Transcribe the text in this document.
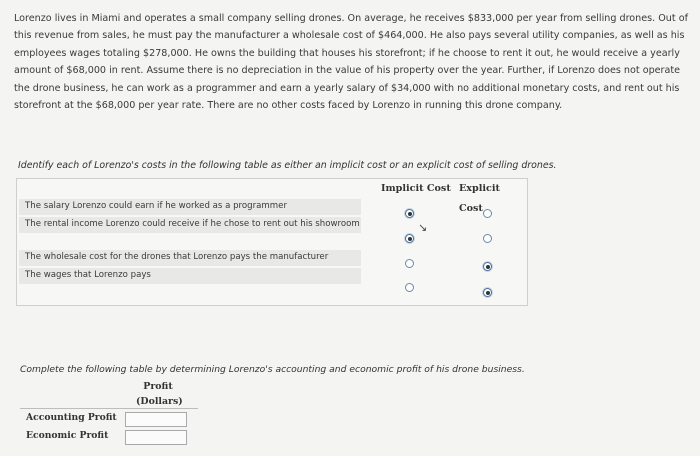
Lorenzo lives in Miami and operates a small company selling drones. On average, he receives $833,000 per year from selling drones. Out of this revenue from sales, he must pay the manufacturer a wholesale cost of $464,000. He also pays several utility companies, as well as his employees wages totaling $278,000. He owns the building that houses his storefront; if he choose to rent it out, he would receive a yearly amount of $68,000 in rent. Assume there is no depreciation in the value of his property over the year. Further, if Lorenzo does not operate the drone business, he can work as a programmer and earn a yearly salary of $34,000 with no additional monetary costs, and rent out his storefront at the $68,000 per year rate. There are no other costs faced by Lorenzo in running this drone company.
Identify each of Lorenzo's costs in the following table as either an implicit cost or an explicit cost of selling drones.
Implicit Cost Explicit Cost
The salary Lorenzo could earn if he worked as a programmer
The rental income Lorenzo could receive if he chose to rent out his showroom
The wholesale cost for the drones that Lorenzo pays the manufacturer
The wages that Lorenzo pays
↘
Complete the following table by determining Lorenzo's accounting and economic profit of his drone business.
Profit
(Dollars)
Accounting Profit
Economic Profit
